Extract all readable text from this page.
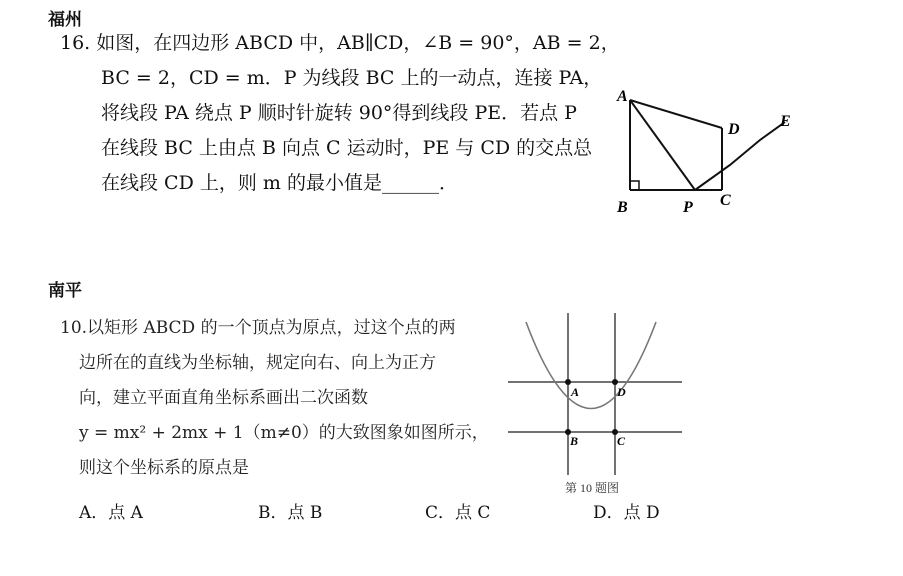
福州
16. 如图，在四边形 ABCD 中，AB∥CD，∠B = 90°，AB = 2，
BC = 2，CD = m．P 为线段 BC 上的一动点，连接 PA，
将线段 PA 绕点 P 顺时针旋转 90°得到线段 PE．若点 P
在线段 BC 上由点 B 向点 C 运动时，PE 与 CD 的交点总
在线段 CD 上，则 m 的最小值是______．
A
B	P C
D	E
南平
10.以矩形 ABCD 的一个顶点为原点，过这个点的两
边所在的直线为坐标轴，规定向右、向上为正方
向，建立平面直角坐标系画出二次函数
y = mx² + 2mx + 1（m≠0）的大致图象如图所示，
则这个坐标系的原点是
A．点 A	B．点 B	C．点 C	D．点 D
A	D
B	C
第 10 题图
